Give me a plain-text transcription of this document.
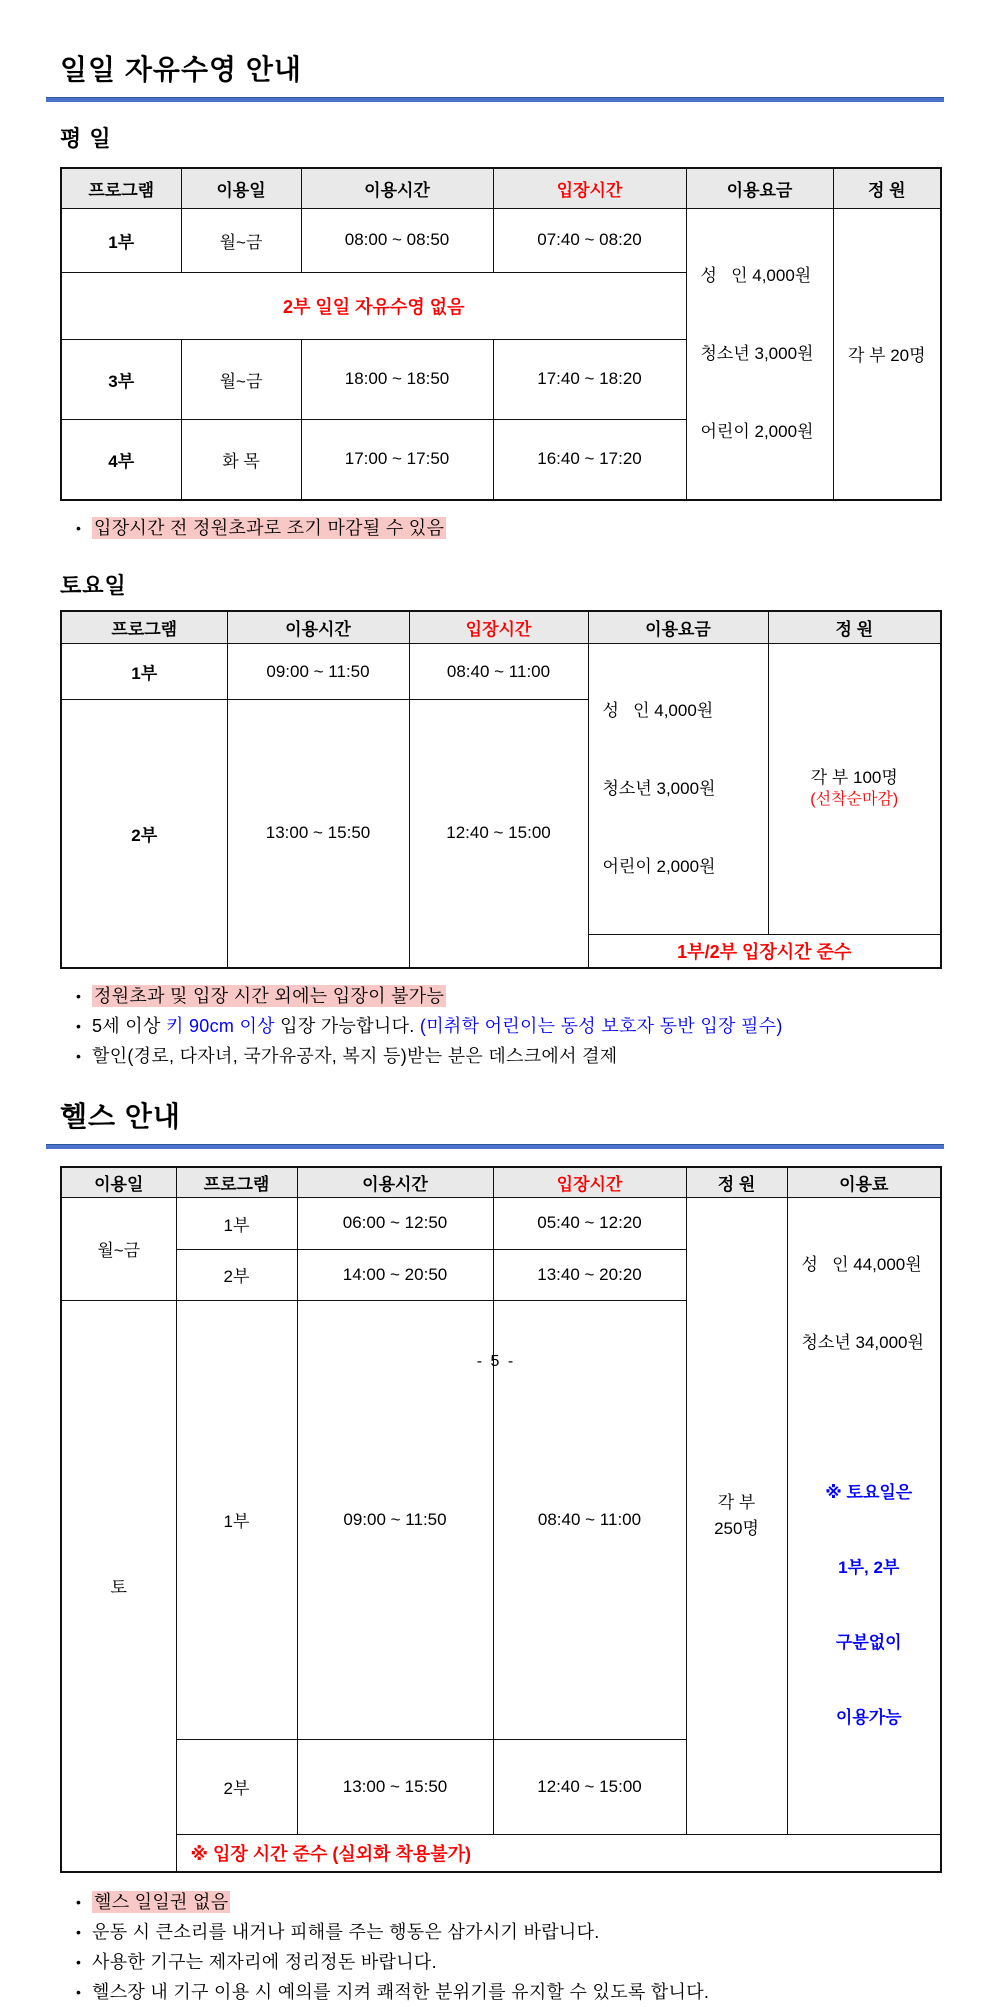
일일 자유수영 안내
평 일
프로그램	이용일	이용시간	입장시간	이용요금	정 원
1부	월~금	08:00 ~ 08:50	07:40 ~ 08:20	성   인 4,000원

청소년 3,000원

어린이 2,000원	각 부 20명
2부 일일 자유수영 없음					
3부	월~금	18:00 ~ 18:50	17:40 ~ 18:20		
4부	화 목	17:00 ~ 17:50	16:40 ~ 17:20		
• 입장시간 전 정원초과로 조기 마감될 수 있음
토요일
프로그램	이용시간	입장시간	이용요금	정 원
1부	09:00 ~ 11:50	08:40 ~ 11:00	

성   인 4,000원

청소년 3,000원

어린이 2,000원

각 부 100명
(선착순마감)

2부	13:00 ~ 15:50	12:40 ~ 15:00		
			1부/2부 입장시간 준수	
• 정원초과 및 입장 시간 외에는 입장이 불가능
• 5세 이상 키 90cm 이상 입장 가능합니다. (미취학 어린이는 동성 보호자 동반 입장 필수)
• 할인(경로, 다자녀, 국가유공자, 복지 등)받는 분은 데스크에서 결제
헬스 안내
이용일	프로그램	이용시간	입장시간	정 원	이용료
월~금	1부	06:00 ~ 12:50	05:40 ~ 12:20	
각 부
250명

성   인 44,000원

청소년 34,000원

※ 토요일은

1부, 2부

구분없이

이용가능

	2부	14:00 ~ 20:50	13:40 ~ 20:20		
토	1부	09:00 ~ 11:50	08:40 ~ 11:00		
	2부	13:00 ~ 15:50	12:40 ~ 15:00		
	※ 입장 시간 준수 (실외화 착용불가)				
• 헬스 일일권 없음
• 운동 시 큰소리를 내거나 피해를 주는 행동은 삼가시기 바랍니다.
• 사용한 기구는 제자리에 정리정돈 바랍니다.
• 헬스장 내 기구 이용 시 예의를 지켜 쾌적한 분위기를 유지할 수 있도록 합니다.
- 5 -
